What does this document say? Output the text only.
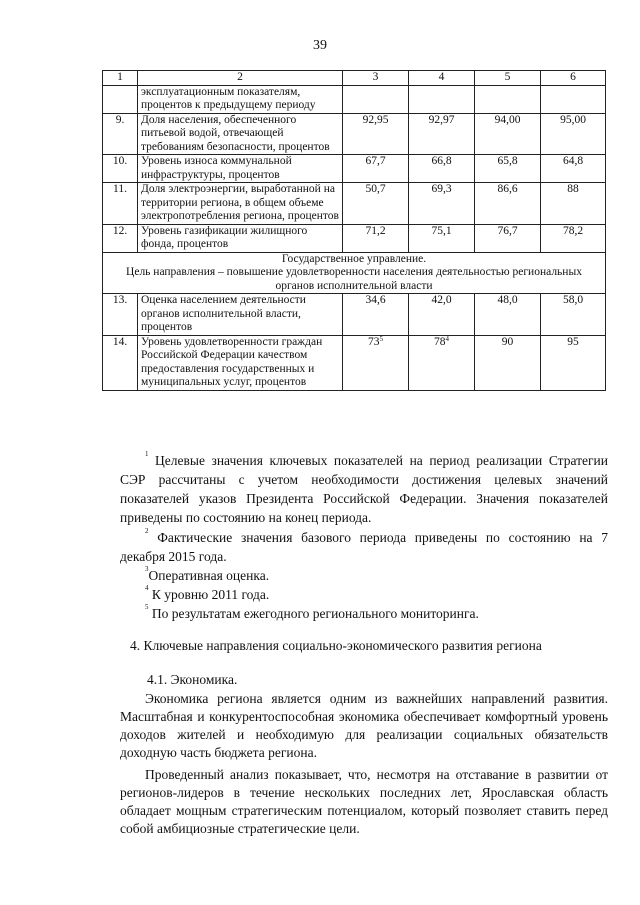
39
1	2	3	4	5	6
	эксплуатационным показателям, процентов к предыдущему периоду				
9.	Доля населения, обеспеченного питьевой водой, отвечающей требованиям безопасности, процентов	92,95	92,97	94,00	95,00
10.	Уровень износа коммунальной инфраструктуры, процентов	67,7	66,8	65,8	64,8
11.	Доля электроэнергии, выработанной на территории региона, в общем объеме электропотребления региона, процентов	50,7	69,3	86,6	88
12.	Уровень газификации жилищного фонда, процентов	71,2	75,1	76,7	78,2

Государственное управление.
Цель направления – повышение удовлетворенности населения деятельностью региональных органов исполнительной власти					

13.	Оценка населением деятельности органов исполнительной власти, процентов	34,6	42,0	48,0	58,0
14.	Уровень удовлетворенности граждан Российской Федерации качеством предоставления государственных и муниципальных услуг, процентов	$73^5$	$78^4$	90	95
$^1$ Целевые значения ключевых показателей на период реализации Стратегии СЭР рассчитаны с учетом необходимости достижения целевых значений показателей указов Президента Российской Федерации. Значения показателей приведены по состоянию на конец периода.
$^2$ Фактические значения базового периода приведены по состоянию на 7 декабря 2015 года.
$^3$Оперативная оценка.
$^4$ К уровню 2011 года.
$^5$ По результатам ежегодного регионального мониторинга.
4. Ключевые направления социально-экономического развития региона
4.1. Экономика.
Экономика региона является одним из важнейших направлений развития. Масштабная и конкурентоспособная экономика обеспечивает комфортный уровень доходов жителей и необходимую для реализации социальных обязательств доходную часть бюджета региона.
Проведенный анализ показывает, что, несмотря на отставание в развитии от регионов-лидеров в течение нескольких последних лет, Ярославская область обладает мощным стратегическим потенциалом, который позволяет ставить перед собой амбициозные стратегические цели.
